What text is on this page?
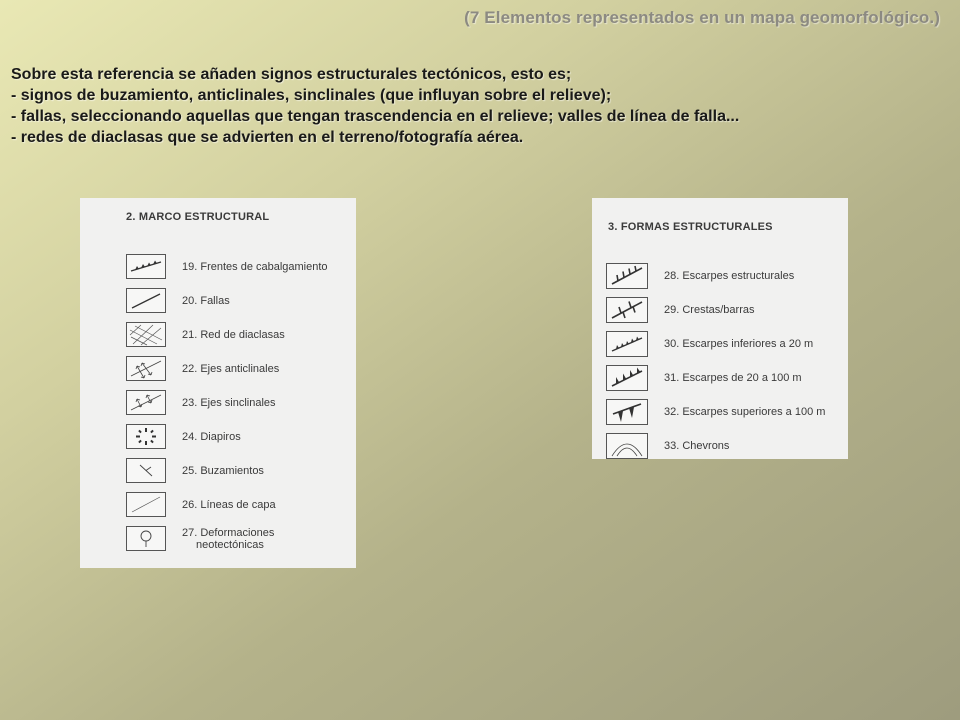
(7 Elementos representados en un mapa geomorfológico.)
Sobre esta referencia se añaden signos estructurales tectónicos, esto es;
- signos de buzamiento, anticlinales, sinclinales (que influyan sobre el relieve);
- fallas, seleccionando aquellas que tengan trascendencia en el relieve; valles de línea de falla...
- redes de diaclasas que se advierten en el terreno/fotografía aérea.
2. MARCO ESTRUCTURAL
19. Frentes de cabalgamiento
20. Fallas
21. Red de diaclasas
22. Ejes anticlinales
23. Ejes sinclinales
24. Diapiros
25. Buzamientos
26. Líneas de capa
27. Deformaciones
neotectónicas
3. FORMAS ESTRUCTURALES
28. Escarpes estructurales
29. Crestas/barras
30. Escarpes inferiores a 20 m
31. Escarpes de 20 a 100 m
32. Escarpes superiores a 100 m
33. Chevrons
